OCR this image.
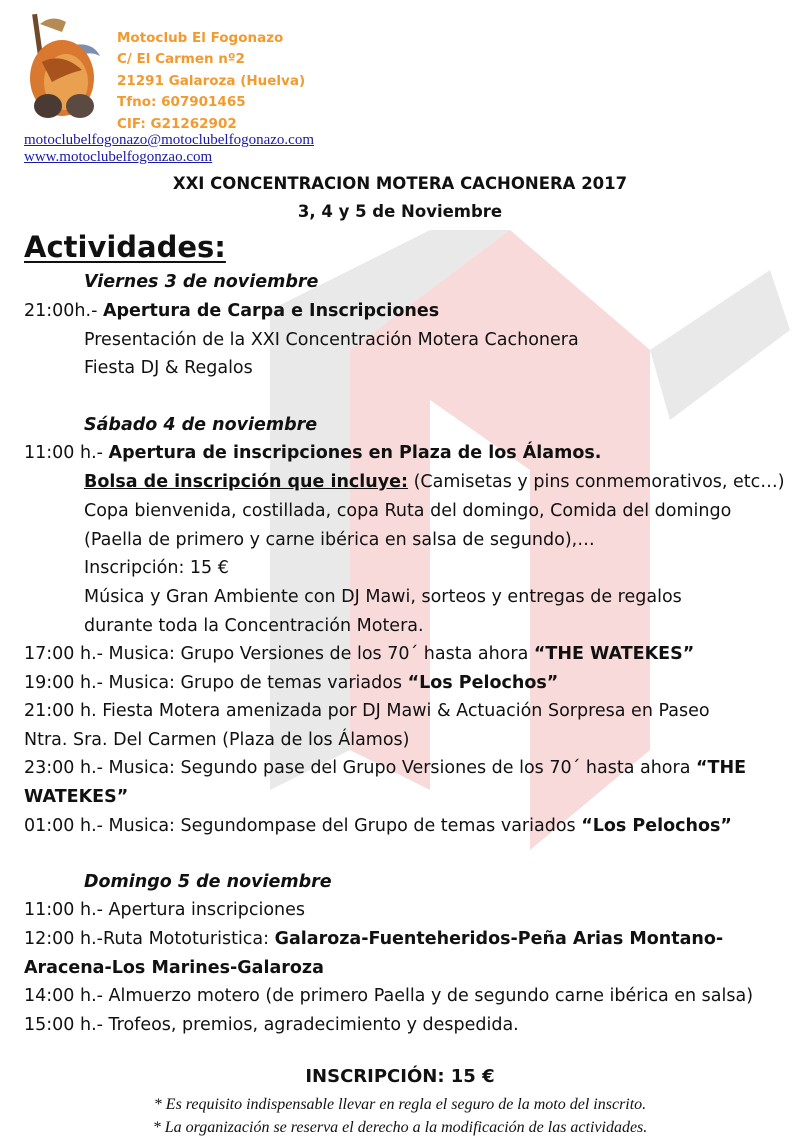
Motoclub El Fogonazo
C/ El Carmen nº2
21291 Galaroza (Huelva)
Tfno: 607901465
CIF: G21262902
motoclubelfogonazo@motoclubelfogonazo.com
www.motoclubelfogonzao.com
XXI CONCENTRACION MOTERA CACHONERA 2017
3, 4 y 5 de Noviembre
Actividades:
Viernes 3 de noviembre
21:00h.- Apertura de Carpa e Inscripciones
Presentación de la XXI Concentración Motera Cachonera
Fiesta DJ & Regalos
Sábado 4 de noviembre
11:00 h.- Apertura de inscripciones en Plaza de los Álamos.
Bolsa de inscripción que incluye: (Camisetas y pins conmemorativos, etc…)
Copa bienvenida, costillada, copa Ruta del domingo, Comida del domingo
(Paella de primero y carne ibérica en salsa de segundo),…
Inscripción: 15 €
Música y Gran Ambiente con DJ Mawi, sorteos y entregas de regalos
durante toda la Concentración Motera.
17:00 h.- Musica: Grupo Versiones de los 70´ hasta ahora “THE WATEKES”
19:00 h.- Musica: Grupo de temas variados “Los Pelochos”
21:00 h. Fiesta Motera amenizada por DJ Mawi & Actuación Sorpresa en Paseo
Ntra. Sra. Del Carmen (Plaza de los Álamos)
23:00 h.- Musica: Segundo pase del Grupo Versiones de los 70´ hasta ahora “THE
WATEKES”
01:00 h.- Musica: Segundompase del Grupo de temas variados “Los Pelochos”
Domingo 5 de noviembre
11:00 h.- Apertura inscripciones
12:00 h.-Ruta Mototuristica: Galaroza-Fuenteheridos-Peña Arias Montano-
Aracena-Los Marines-Galaroza
14:00 h.- Almuerzo motero (de primero Paella y de segundo carne ibérica en salsa)
15:00 h.- Trofeos, premios, agradecimiento y despedida.
INSCRIPCIÓN: 15 €
* Es requisito indispensable llevar en regla el seguro de la moto del inscrito.
* La organización se reserva el derecho a la modificación de las actividades.
